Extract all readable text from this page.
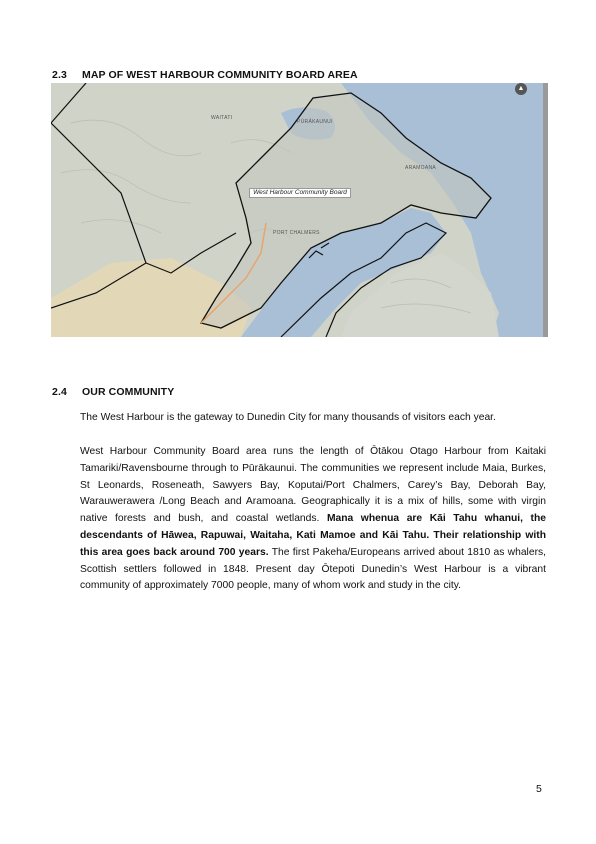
2.3 MAP OF WEST HARBOUR COMMUNITY BOARD AREA
WAITATI
PŪRĀKAUNUI
ARAMOANA
PORT CHALMERS
West Harbour Community Board
▲
2.4 OUR COMMUNITY
The West Harbour is the gateway to Dunedin City for many thousands of visitors each year.
West Harbour Community Board area runs the length of Ōtākou Otago Harbour from Kaitaki Tamariki/Ravensbourne through to Pūrākaunui. The communities we represent include Maia, Burkes, St Leonards, Roseneath, Sawyers Bay, Koputai/Port Chalmers, Carey’s Bay, Deborah Bay, Warauwerawera /Long Beach and Aramoana. Geographically it is a mix of hills, some with virgin native forests and bush, and coastal wetlands. Mana whenua are Kāi Tahu whanui, the descendants of Hāwea, Rapuwai, Waitaha, Kati Mamoe and Kāi Tahu. Their relationship with this area goes back around 700 years. The first Pakeha/Europeans arrived about 1810 as whalers, Scottish settlers followed in 1848. Present day Ōtepoti Dunedin’s West Harbour is a vibrant community of approximately 7000 people, many of whom work and study in the city.
5
